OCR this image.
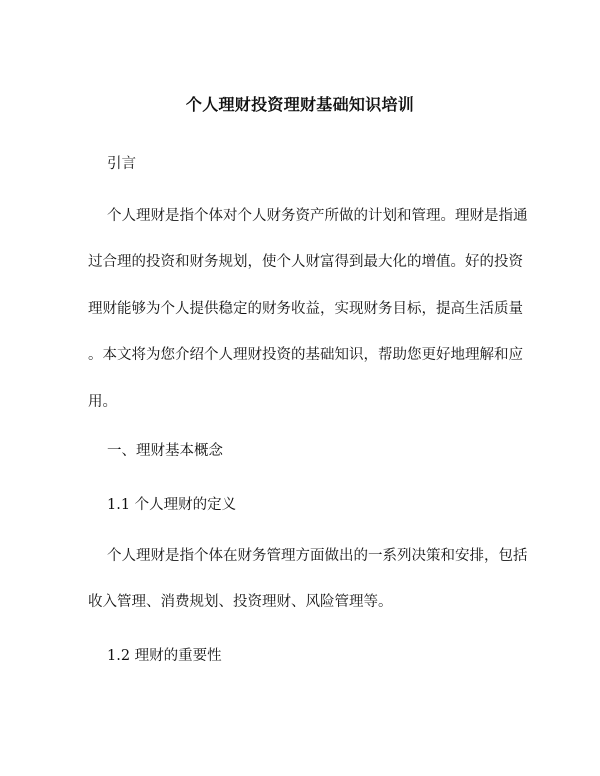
个人理财投资理财基础知识培训
引言
个人理财是指个体对个人财务资产所做的计划和管理。理财是指通
过合理的投资和财务规划，使个人财富得到最大化的增值。好的投资
理财能够为个人提供稳定的财务收益，实现财务目标，提高生活质量
。本文将为您介绍个人理财投资的基础知识，帮助您更好地理解和应
用。
一、理财基本概念
1.1 个人理财的定义
个人理财是指个体在财务管理方面做出的一系列决策和安排，包括
收入管理、消费规划、投资理财、风险管理等。
1.2 理财的重要性
